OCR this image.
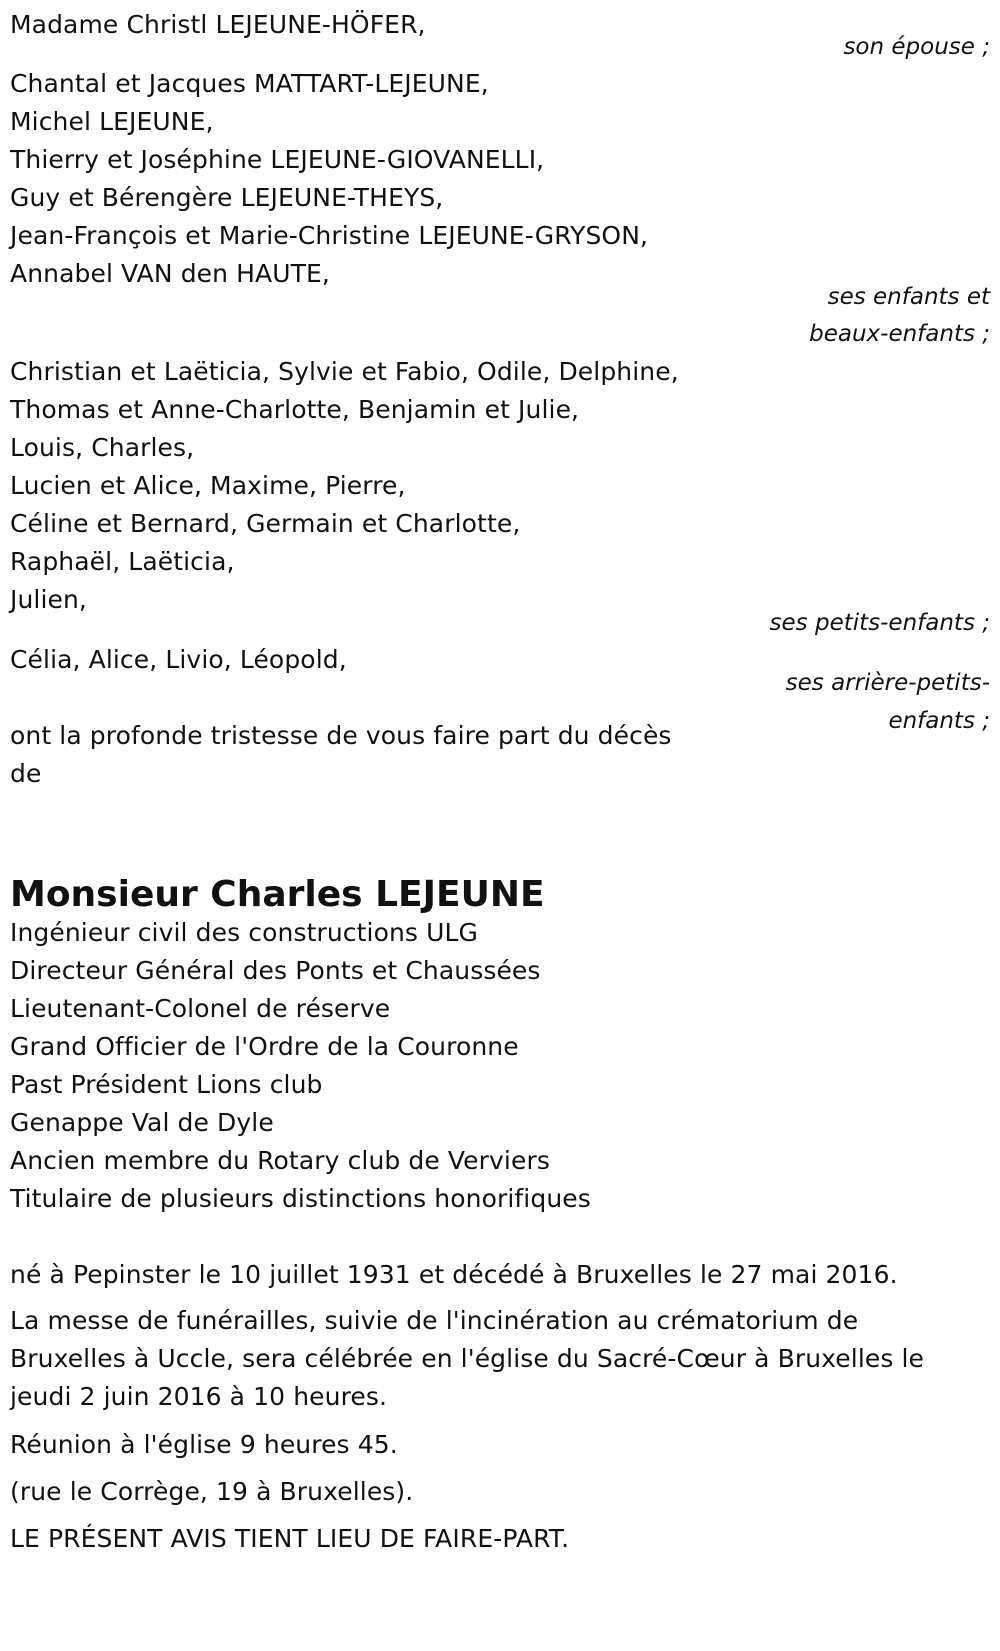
Madame Christl LEJEUNE-HÖFER,
son épouse ;
Chantal et Jacques MATTART-LEJEUNE,
Michel LEJEUNE,
Thierry et Joséphine LEJEUNE-GIOVANELLI,
Guy et Bérengère LEJEUNE-THEYS,
Jean-François et Marie-Christine LEJEUNE-GRYSON,
Annabel VAN den HAUTE,
ses enfants et
beaux-enfants ;
Christian et Laëticia, Sylvie et Fabio, Odile, Delphine,
Thomas et Anne-Charlotte, Benjamin et Julie,
Louis, Charles,
Lucien et Alice, Maxime, Pierre,
Céline et Bernard, Germain et Charlotte,
Raphaël, Laëticia,
Julien,
ses petits-enfants ;
Célia, Alice, Livio, Léopold,
ses arrière-petits-
enfants ;
ont la profonde tristesse de vous faire part du décès
de
Monsieur Charles LEJEUNE
Ingénieur civil des constructions ULG
Directeur Général des Ponts et Chaussées
Lieutenant-Colonel de réserve
Grand Officier de l'Ordre de la Couronne
Past Président Lions club
Genappe Val de Dyle
Ancien membre du Rotary club de Verviers
Titulaire de plusieurs distinctions honorifiques
né à Pepinster le 10 juillet 1931 et décédé à Bruxelles le 27 mai 2016.
La messe de funérailles, suivie de l'incinération au crématorium de
Bruxelles à Uccle, sera célébrée en l'église du Sacré-Cœur à Bruxelles le
jeudi 2 juin 2016 à 10 heures.
Réunion à l'église 9 heures 45.
(rue le Corrège, 19 à Bruxelles).
LE PRÉSENT AVIS TIENT LIEU DE FAIRE-PART.
